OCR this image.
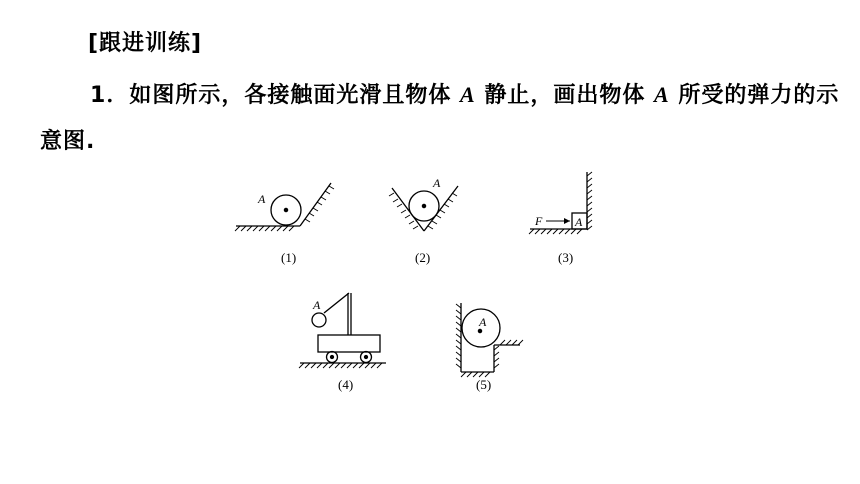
[跟进训练]
1．如图所示，各接触面光滑且物体 A 静止，画出物体 A 所受的弹力的示意图.
A
(1)
A
(2)
A
F
(3)
A
(4)
A
(5)
